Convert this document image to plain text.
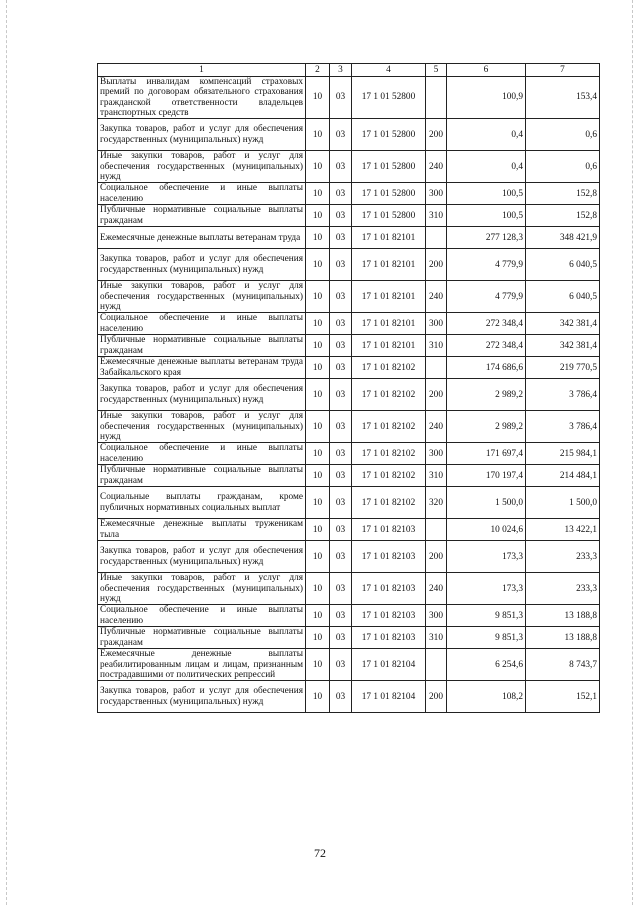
1	2	3	4	5	6	7
Выплаты инвалидам компенсаций страховых премий по договорам обязательного страхования гражданской ответственности владельцев транспортных средств	10	03	17 1 01 52800		100,9	153,4
Закупка товаров, работ и услуг для обеспечения государственных (муниципальных) нужд	10	03	17 1 01 52800	200	0,4	0,6
Иные закупки товаров, работ и услуг для обеспечения государственных (муниципальных) нужд	10	03	17 1 01 52800	240	0,4	0,6
Социальное обеспечение и иные выплаты населению	10	03	17 1 01 52800	300	100,5	152,8
Публичные нормативные социальные выплаты гражданам	10	03	17 1 01 52800	310	100,5	152,8
Ежемесячные денежные выплаты ветеранам труда	10	03	17 1 01 82101		277 128,3	348 421,9
Закупка товаров, работ и услуг для обеспечения государственных (муниципальных) нужд	10	03	17 1 01 82101	200	4 779,9	6 040,5
Иные закупки товаров, работ и услуг для обеспечения государственных (муниципальных) нужд	10	03	17 1 01 82101	240	4 779,9	6 040,5
Социальное обеспечение и иные выплаты населению	10	03	17 1 01 82101	300	272 348,4	342 381,4
Публичные нормативные социальные выплаты гражданам	10	03	17 1 01 82101	310	272 348,4	342 381,4
Ежемесячные денежные выплаты ветеранам труда Забайкальского края	10	03	17 1 01 82102		174 686,6	219 770,5
Закупка товаров, работ и услуг для обеспечения государственных (муниципальных) нужд	10	03	17 1 01 82102	200	2 989,2	3 786,4
Иные закупки товаров, работ и услуг для обеспечения государственных (муниципальных) нужд	10	03	17 1 01 82102	240	2 989,2	3 786,4
Социальное обеспечение и иные выплаты населению	10	03	17 1 01 82102	300	171 697,4	215 984,1
Публичные нормативные социальные выплаты гражданам	10	03	17 1 01 82102	310	170 197,4	214 484,1
Социальные выплаты гражданам, кроме публичных нормативных социальных выплат	10	03	17 1 01 82102	320	1 500,0	1 500,0
Ежемесячные денежные выплаты труженикам тыла	10	03	17 1 01 82103		10 024,6	13 422,1
Закупка товаров, работ и услуг для обеспечения государственных (муниципальных) нужд	10	03	17 1 01 82103	200	173,3	233,3
Иные закупки товаров, работ и услуг для обеспечения государственных (муниципальных) нужд	10	03	17 1 01 82103	240	173,3	233,3
Социальное обеспечение и иные выплаты населению	10	03	17 1 01 82103	300	9 851,3	13 188,8
Публичные нормативные социальные выплаты гражданам	10	03	17 1 01 82103	310	9 851,3	13 188,8
Ежемесячные денежные выплаты реабилитированным лицам и лицам, признанным пострадавшими от политических репрессий	10	03	17 1 01 82104		6 254,6	8 743,7
Закупка товаров, работ и услуг для обеспечения государственных (муниципальных) нужд	10	03	17 1 01 82104	200	108,2	152,1
72
